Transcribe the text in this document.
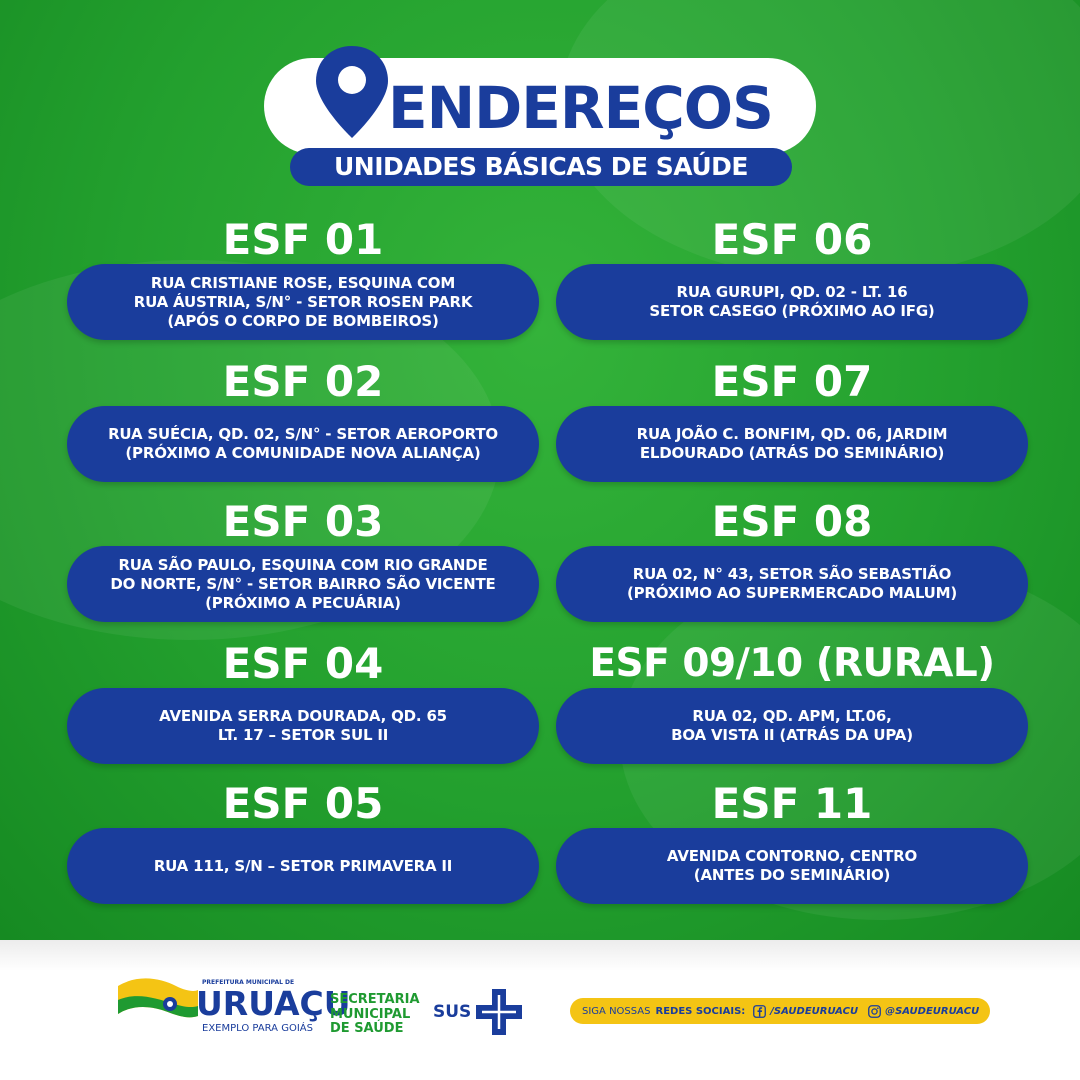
ENDEREÇOS
UNIDADES BÁSICAS DE SAÚDE
ESF 01
RUA CRISTIANE ROSE, ESQUINA COM
RUA ÁUSTRIA, S/N° - SETOR ROSEN PARK
(APÓS O CORPO DE BOMBEIROS)
ESF 02
RUA SUÉCIA, QD. 02, S/N° - SETOR AEROPORTO
(PRÓXIMO A COMUNIDADE NOVA ALIANÇA)
ESF 03
RUA SÃO PAULO, ESQUINA COM RIO GRANDE
DO NORTE, S/N° - SETOR BAIRRO SÃO VICENTE
(PRÓXIMO A PECUÁRIA)
ESF 04
AVENIDA SERRA DOURADA, QD. 65
LT. 17 – SETOR SUL II
ESF 05
RUA 111, S/N – SETOR PRIMAVERA II
ESF 06
RUA GURUPI, QD. 02 - LT. 16
SETOR CASEGO (PRÓXIMO AO IFG)
ESF 07
RUA JOÃO C. BONFIM, QD. 06, JARDIM
ELDOURADO (ATRÁS DO SEMINÁRIO)
ESF 08
RUA 02, N° 43, SETOR SÃO SEBASTIÃO
(PRÓXIMO AO SUPERMERCADO MALUM)
ESF 09/10 (RURAL)
RUA 02, QD. APM, LT.06,
BOA VISTA II (ATRÁS DA UPA)
ESF 11
AVENIDA CONTORNO, CENTRO
(ANTES DO SEMINÁRIO)
PREFEITURA MUNICIPAL DE
URUAÇU
EXEMPLO PARA GOIÁS
SECRETARIA
MUNICIPAL
DE SAÚDE
SUS	SIGA NOSSAS REDES SOCIAIS:	/SAUDEURUACU	@SAUDEURUACU
